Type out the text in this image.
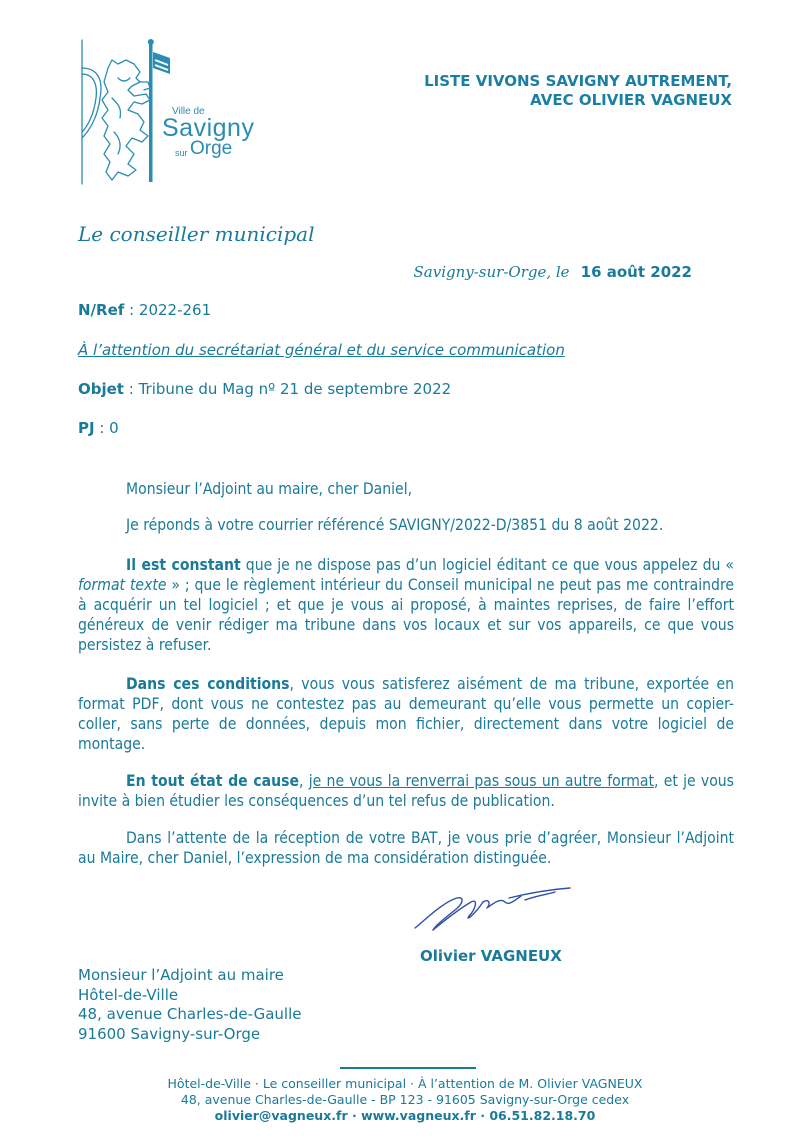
Ville de
Savigny
sur Orge
LISTE VIVONS SAVIGNY AUTREMENT,
AVEC OLIVIER VAGNEUX
Le conseiller municipal
Savigny-sur-Orge, le 16 août 2022
N/Ref : 2022-261
À l’attention du secrétariat général et du service communication
Objet : Tribune du Mag nº 21 de septembre 2022
PJ : 0

Monsieur l’Adjoint au maire, cher Daniel,

Je réponds à votre courrier référencé SAVIGNY/2022-D/3851 du 8 août 2022.

Il est constant que je ne dispose pas d’un logiciel éditant ce que vous appelez du « format texte » ; que le règlement intérieur du Conseil municipal ne peut pas me contraindre à acquérir un tel logiciel ; et que je vous ai proposé, à maintes reprises, de faire l’effort généreux de venir rédiger ma tribune dans vos locaux et sur vos appareils, ce que vous persistez à refuser.

Dans ces conditions, vous vous satisferez aisément de ma tribune, exportée en format PDF, dont vous ne contestez pas au demeurant qu’elle vous permette un copier-coller, sans perte de données, depuis mon fichier, directement dans votre logiciel de montage.

En tout état de cause, je ne vous la renverrai pas sous un autre format, et je vous invite à bien étudier les conséquences d’un tel refus de publication.

Dans l’attente de la réception de votre BAT, je vous prie d’agréer, Monsieur l’Adjoint au Maire, cher Daniel, l’expression de ma considération distinguée.

Olivier VAGNEUX
Monsieur l’Adjoint au maire
Hôtel-de-Ville
48, avenue Charles-de-Gaulle
91600 Savigny-sur-Orge
Hôtel-de-Ville · Le conseiller municipal · À l’attention de M. Olivier VAGNEUX
48, avenue Charles-de-Gaulle - BP 123 - 91605 Savigny-sur-Orge cedex
olivier@vagneux.fr · www.vagneux.fr · 06.51.82.18.70
